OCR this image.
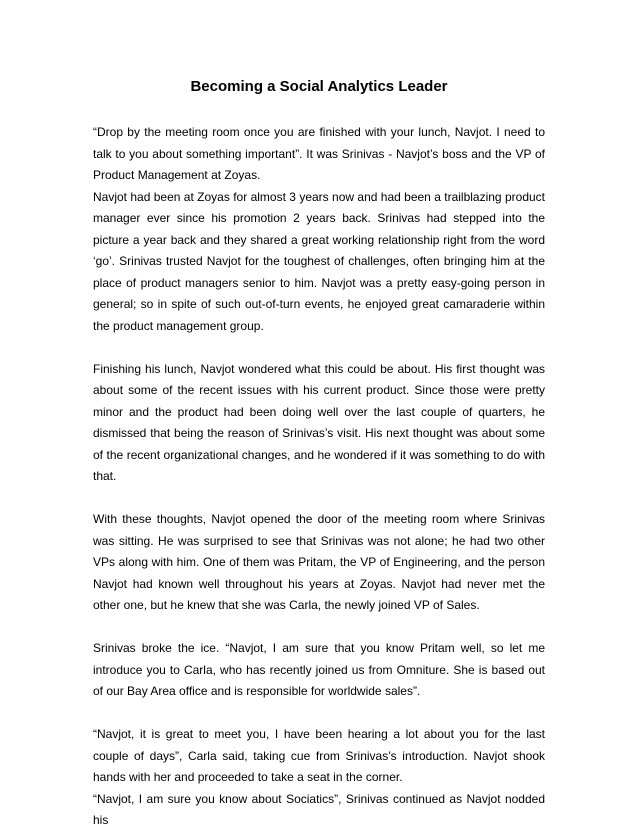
Becoming a Social Analytics Leader

“Drop by the meeting room once you are finished with your lunch, Navjot. I need to talk to you about something important”. It was Srinivas - Navjot’s boss and the VP of Product Management at Zoyas.

Navjot had been at Zoyas for almost 3 years now and had been a trailblazing product manager ever since his promotion 2 years back. Srinivas had stepped into the picture a year back and they shared a great working relationship right from the word ‘go’. Srinivas trusted Navjot for the toughest of challenges, often bringing him at the place of product managers senior to him. Navjot was a pretty easy-going person in general; so in spite of such out-of-turn events, he enjoyed great camaraderie within the product management group.

Finishing his lunch, Navjot wondered what this could be about. His first thought was about some of the recent issues with his current product. Since those were pretty minor and the product had been doing well over the last couple of quarters, he dismissed that being the reason of Srinivas’s visit. His next thought was about some of the recent organizational changes, and he wondered if it was something to do with that.

With these thoughts, Navjot opened the door of the meeting room where Srinivas was sitting. He was surprised to see that Srinivas was not alone; he had two other VPs along with him. One of them was Pritam, the VP of Engineering, and the person Navjot had known well throughout his years at Zoyas. Navjot had never met the other one, but he knew that she was Carla, the newly joined VP of Sales.

Srinivas broke the ice. “Navjot, I am sure that you know Pritam well, so let me introduce you to Carla, who has recently joined us from Omniture. She is based out of our Bay Area office and is responsible for worldwide sales”.

“Navjot, it is great to meet you, I have been hearing a lot about you for the last couple of days”, Carla said, taking cue from Srinivas’s introduction. Navjot shook hands with her and proceeded to take a seat in the corner.

“Navjot, I am sure you know about Sociatics”, Srinivas continued as Navjot nodded his
